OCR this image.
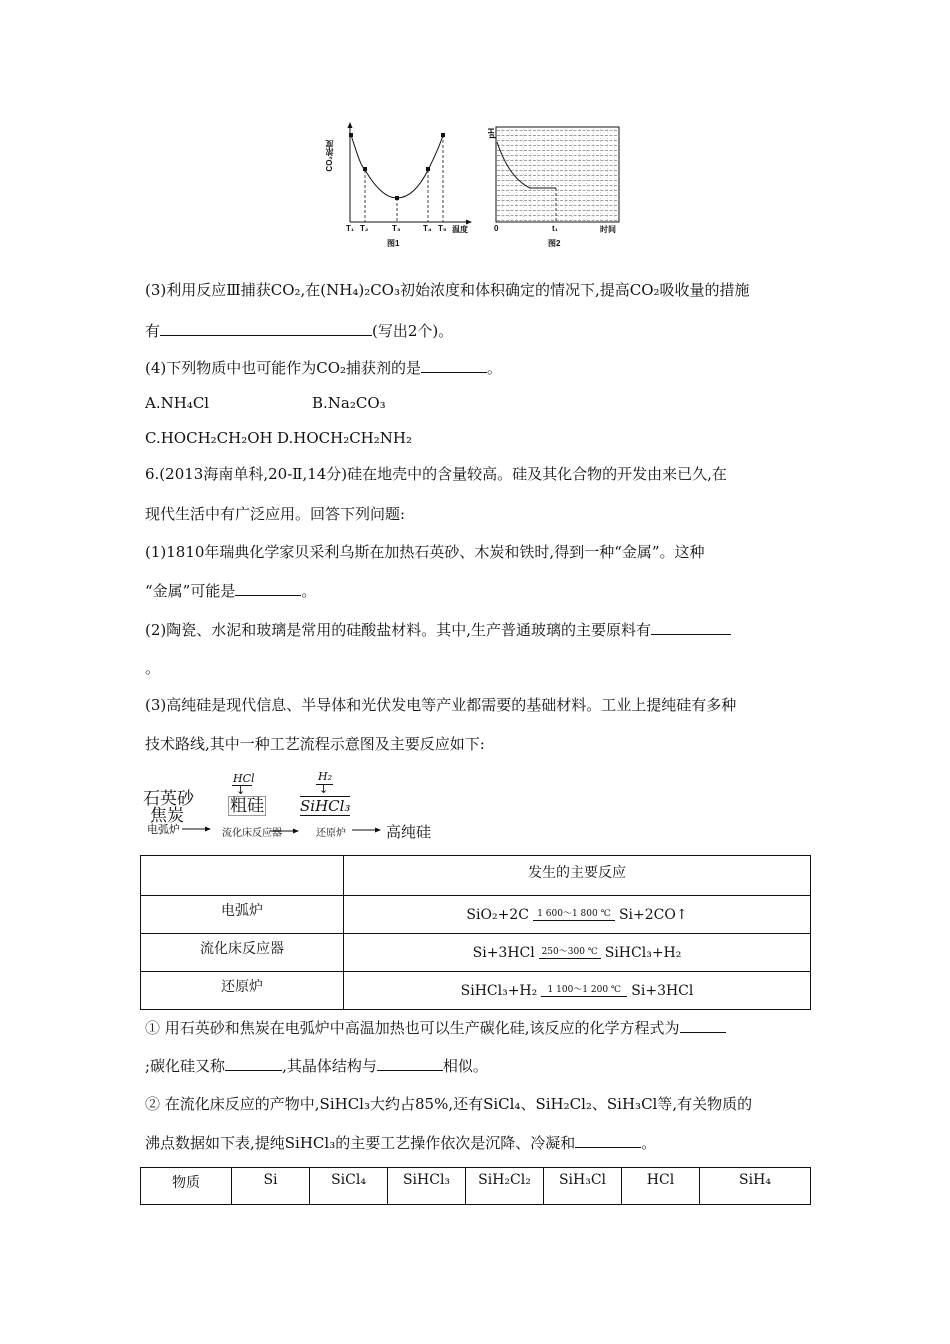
CO₂浓度
T₁ T₂	T₃	T₄ T₅ 温度
图1
pH
0	t₁	时间
图2
(3)利用反应Ⅲ捕获CO₂,在(NH₄)₂CO₃初始浓度和体积确定的情况下,提高CO₂吸收量的措施
有	(写出2个)。
(4)下列物质中也可能作为CO₂捕获剂的是	。
A.NH₄Cl	B.Na₂CO₃
C.HOCH₂CH₂OH D.HOCH₂CH₂NH₂
6.(2013海南单科,20-Ⅱ,14分)硅在地壳中的含量较高。硅及其化合物的开发由来已久,在
现代生活中有广泛应用。回答下列问题:
(1)1810年瑞典化学家贝采利乌斯在加热石英砂、木炭和铁时,得到一种“金属”。这种
“金属”可能是	。
(2)陶瓷、水泥和玻璃是常用的硅酸盐材料。其中,生产普通玻璃的主要原料有
。
(3)高纯硅是现代信息、半导体和光伏发电等产业都需要的基础材料。工业上提纯硅有多种
技术路线,其中一种工艺流程示意图及主要反应如下:
石英砂
焦炭
电弧炉
HCl
↓
粗硅
流化床反应器
H₂
↓
SiHCl₃
还原炉	高纯硅
	发生的主要反应
电弧炉	SiO₂+2C 1 600～1 800 ℃ Si+2CO↑
流化床反应器	Si+3HCl 250～300 ℃ SiHCl₃+H₂
还原炉	SiHCl₃+H₂ 1 100～1 200 ℃ Si+3HCl
① 用石英砂和焦炭在电弧炉中高温加热也可以生产碳化硅,该反应的化学方程式为
;碳化硅又称	,其晶体结构与	相似。
② 在流化床反应的产物中,SiHCl₃大约占85%,还有SiCl₄、SiH₂Cl₂、SiH₃Cl等,有关物质的
沸点数据如下表,提纯SiHCl₃的主要工艺操作依次是沉降、冷凝和	。
物质	Si	SiCl₄	SiHCl₃	SiH₂Cl₂	SiH₃Cl	HCl	SiH₄
